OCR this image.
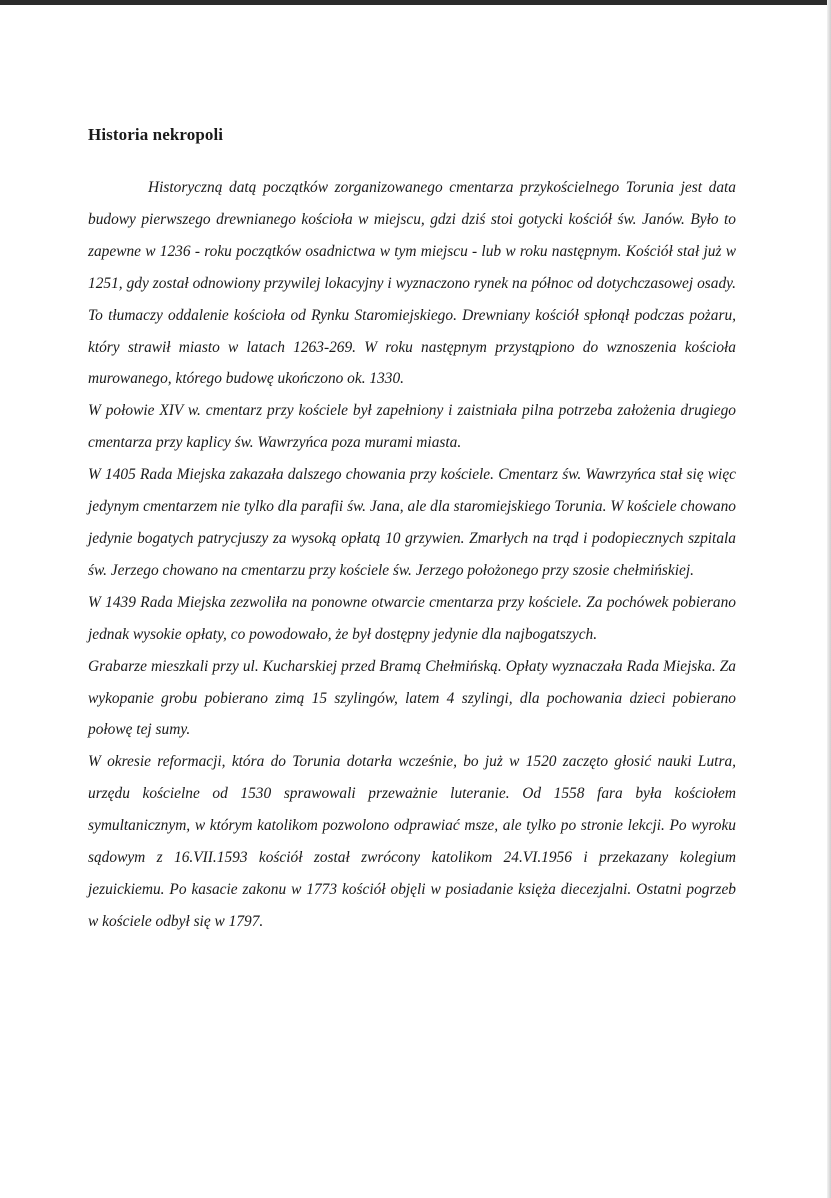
Historia nekropoli

Historyczną datą początków zorganizowanego cmentarza przykościelnego Torunia jest data budowy pierwszego drewnianego kościoła w miejscu, gdzi dziś stoi gotycki kościół św. Janów. Było to zapewne w 1236 - roku początków osadnictwa w tym miejscu - lub w roku następnym. Kościół stał już w 1251, gdy został odnowiony przywilej lokacyjny i wyznaczono rynek na północ od dotychczasowej osady. To tłumaczy oddalenie kościoła od Rynku Staromiejskiego. Drewniany kościół spłonął podczas pożaru, który strawił miasto w latach 1263-269. W roku następnym przystąpiono do wznoszenia kościoła murowanego, którego budowę ukończono ok. 1330.

W połowie XIV w. cmentarz przy kościele był zapełniony i zaistniała pilna potrzeba założenia drugiego cmentarza przy kaplicy św. Wawrzyńca poza murami miasta.

W 1405 Rada Miejska zakazała dalszego chowania przy kościele. Cmentarz św. Wawrzyńca stał się więc jedynym cmentarzem nie tylko dla parafii św. Jana, ale dla staromiejskiego Torunia. W kościele chowano jedynie bogatych patrycjuszy za wysoką opłatą 10 grzywien. Zmarłych na trąd i podopiecznych szpitala św. Jerzego chowano na cmentarzu przy kościele św. Jerzego położonego przy szosie chełmińskiej.

W 1439 Rada Miejska zezwoliła na ponowne otwarcie cmentarza przy kościele. Za pochówek pobierano jednak wysokie opłaty, co powodowało, że był dostępny jedynie dla najbogatszych.

Grabarze mieszkali przy ul. Kucharskiej przed Bramą Chełmińską. Opłaty wyznaczała Rada Miejska. Za wykopanie grobu pobierano zimą 15 szylingów, latem 4 szylingi, dla pochowania dzieci pobierano połowę tej sumy.

W okresie reformacji, która do Torunia dotarła wcześnie, bo już w 1520 zaczęto głosić nauki Lutra, urzędu kościelne od 1530 sprawowali przeważnie luteranie. Od 1558 fara była kościołem symultanicznym, w którym katolikom pozwolono odprawiać msze, ale tylko po stronie lekcji. Po wyroku sądowym z 16.VII.1593 kościół został zwrócony katolikom 24.VI.1956 i przekazany kolegium jezuickiemu. Po kasacie zakonu w 1773 kościół objęli w posiadanie księża diecezjalni. Ostatni pogrzeb w kościele odbył się w 1797.
